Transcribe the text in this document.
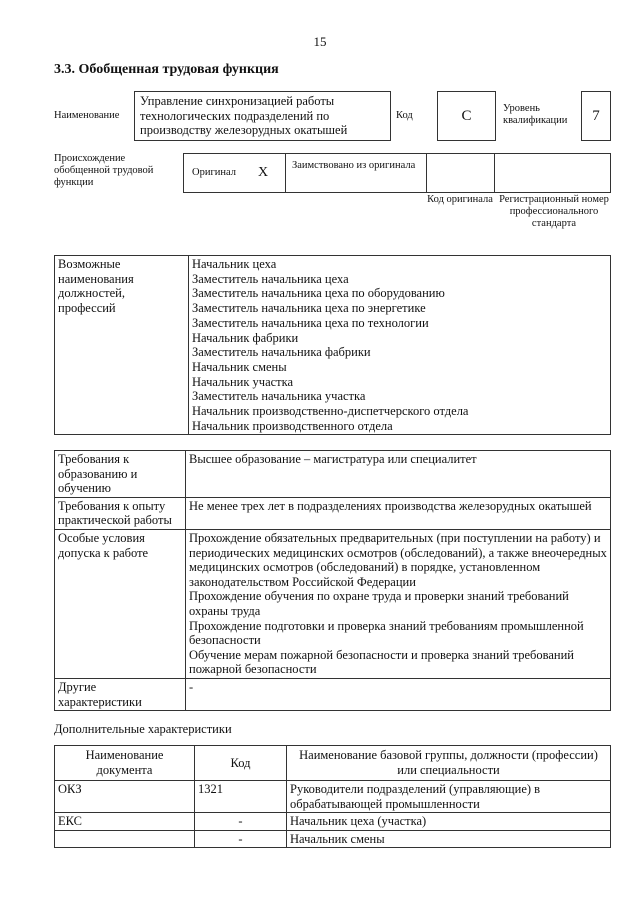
15
3.3. Обобщенная трудовая функция
Наименование
Управление синхронизацией работы технологических подразделений по производству железорудных окатышей
Код	С	Уровень квалификации	7
Происхождение обобщенной трудовой функции
Оригинал X Заимствовано из оригинала
Код оригинала Регистрационный номер профессионального стандарта
Возможные наименования должностей, профессий	
Начальник цеха
Заместитель начальника цеха
Заместитель начальника цеха по оборудованию
Заместитель начальника цеха по энергетике
Заместитель начальника цеха по технологии
Начальник фабрики
Заместитель начальника фабрики
Начальник смены
Начальник участка
Заместитель начальника участка
Начальник производственно-диспетчерского отдела
Начальник производственного отдела
Требования к образованию и обучению	Высшее образование – магистратура или специалитет
Требования к опыту практической работы	Не менее трех лет в подразделениях производства железорудных окатышей
Особые условия допуска к работе	Прохождение обязательных предварительных (при поступлении на работу) и периодических медицинских осмотров (обследований), а также внеочередных медицинских осмотров (обследований) в порядке, установленном законодательством Российской Федерации
Прохождение обучения по охране труда и проверки знаний требований охраны труда
Прохождение подготовки и проверка знаний требованиям промышленной безопасности
Обучение мерам пожарной безопасности и проверка знаний требований пожарной безопасности

Другие характеристики	-
Дополнительные характеристики
Наименование документа	Код	Наименование базовой группы, должности (профессии) или специальности
ОКЗ	1321	Руководители подразделений (управляющие) в обрабатывающей промышленности
ЕКС	-	Начальник цеха (участка)
	-	Начальник смены
